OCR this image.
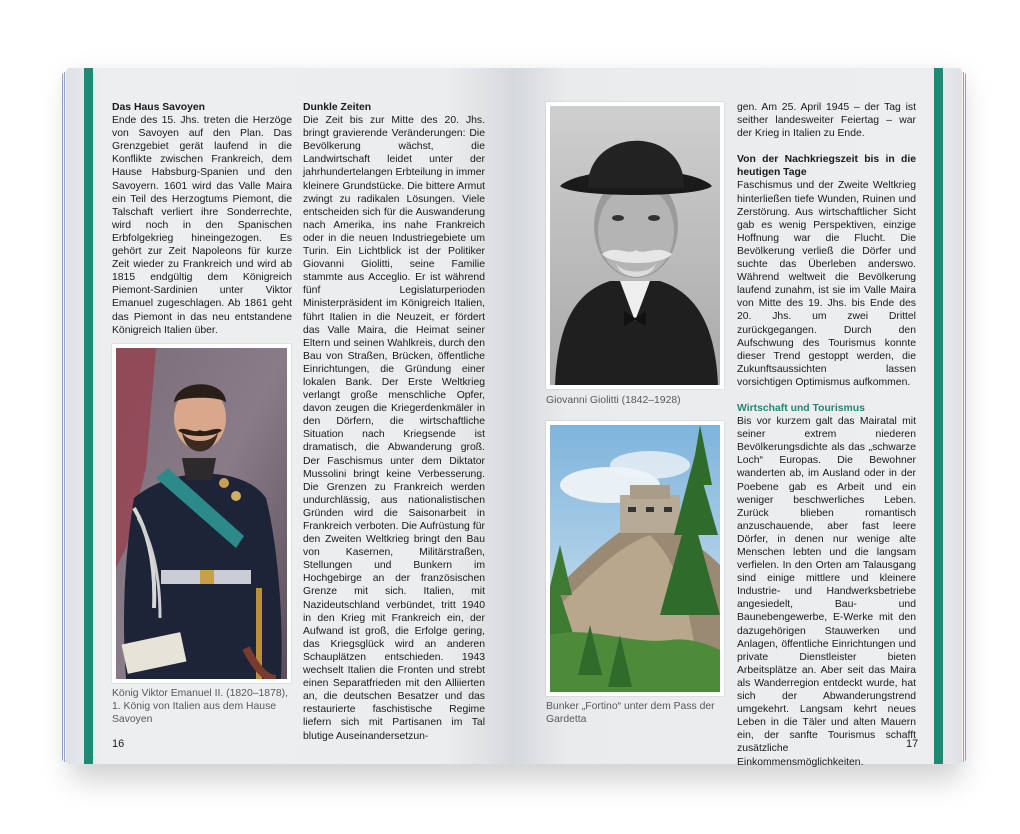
Das Haus Savoyen

Ende des 15. Jhs. treten die Herzöge von Savoyen auf den Plan. Das Grenzgebiet gerät laufend in die Konflikte zwischen Frankreich, dem Hause Habsburg-Spanien und den Savoyern. 1601 wird das Valle Maira ein Teil des Herzogtums Piemont, die Talschaft verliert ihre Sonderrechte, wird noch in den Spanischen Erbfolgekrieg hineingezogen. Es gehört zur Zeit Napoleons für kurze Zeit wieder zu Frankreich und wird ab 1815 endgültig dem Königreich Piemont-Sardinien unter Viktor Emanuel zugeschlagen. Ab 1861 geht das Piemont in das neu entstandene Königreich Italien über.

König Viktor Emanuel II. (1820–1878), 1. König von Italien aus dem Hause Savoyen
Dunkle Zeiten

Die Zeit bis zur Mitte des 20. Jhs. bringt gravierende Veränderungen: Die Bevölkerung wächst, die Landwirtschaft leidet unter der jahrhundertelangen Erbteilung in immer kleinere Grundstücke. Die bittere Armut zwingt zu radikalen Lösungen. Viele entscheiden sich für die Auswanderung nach Amerika, ins nahe Frankreich oder in die neuen Industriegebiete um Turin. Ein Lichtblick ist der Politiker Giovanni Giolitti, seine Familie stammte aus Acceglio. Er ist während fünf Legislaturperioden Ministerpräsident im Königreich Italien, führt Italien in die Neuzeit, er fördert das Valle Maira, die Heimat seiner Eltern und seinen Wahlkreis, durch den Bau von Straßen, Brücken, öffentliche Einrichtungen, die Gründung einer lokalen Bank. Der Erste Weltkrieg verlangt große menschliche Opfer, davon zeugen die Kriegerdenkmäler in den Dörfern, die wirtschaftliche Situation nach Kriegsende ist dramatisch, die Abwanderung groß. Der Faschismus unter dem Diktator Mussolini bringt keine Verbesserung. Die Grenzen zu Frankreich werden undurchlässig, aus nationalistischen Gründen wird die Saisonarbeit in Frankreich verboten. Die Aufrüstung für den Zweiten Weltkrieg bringt den Bau von Kasernen, Militärstraßen, Stellungen und Bunkern im Hochgebirge an der französischen Grenze mit sich. Italien, mit Nazideutschland verbündet, tritt 1940 in den Krieg mit Frankreich ein, der Aufwand ist groß, die Erfolge gering, das Kriegsglück wird an anderen Schauplätzen entschieden. 1943 wechselt Italien die Fronten und strebt einen Separatfrieden mit den Alliierten an, die deutschen Besatzer und das restaurierte faschistische Regime liefern sich mit Partisanen im Tal blutige Auseinandersetzun-

16
Giovanni Giolitti (1842–1928)
Bunker „Fortino“ unter dem Pass der Gardetta

gen. Am 25. April 1945 – der Tag ist seither landesweiter Feiertag – war der Krieg in Italien zu Ende.

Von der Nachkriegszeit bis in die heutigen Tage

Faschismus und der Zweite Weltkrieg hinterließen tiefe Wunden, Ruinen und Zerstörung. Aus wirtschaftlicher Sicht gab es wenig Perspektiven, einzige Hoffnung war die Flucht. Die Bevölkerung verließ die Dörfer und suchte das Überleben anderswo. Während weltweit die Bevölkerung laufend zunahm, ist sie im Valle Maira von Mitte des 19. Jhs. bis Ende des 20. Jhs. um zwei Drittel zurückgegangen. Durch den Aufschwung des Tourismus konnte dieser Trend gestoppt werden, die Zukunftsaussichten lassen vorsichtigen Optimismus aufkommen.

Wirtschaft und Tourismus

Bis vor kurzem galt das Mairatal mit seiner extrem niederen Bevölkerungsdichte als das „schwarze Loch“ Europas. Die Bewohner wanderten ab, im Ausland oder in der Poebene gab es Arbeit und ein weniger beschwerliches Leben. Zurück blieben romantisch anzuschauende, aber fast leere Dörfer, in denen nur wenige alte Menschen lebten und die langsam verfielen. In den Orten am Talausgang sind einige mittlere und kleinere Industrie- und Handwerksbetriebe angesiedelt, Bau- und Baunebengewerbe, E-Werke mit den dazugehörigen Stauwerken und Anlagen, öffentliche Einrichtungen und private Dienstleister bieten Arbeitsplätze an. Aber seit das Maira als Wanderregion entdeckt wurde, hat sich der Abwanderungstrend umgekehrt. Langsam kehrt neues Leben in die Täler und alten Mauern ein, der sanfte Tourismus schafft zusätzliche Einkommensmöglichkeiten.

17
